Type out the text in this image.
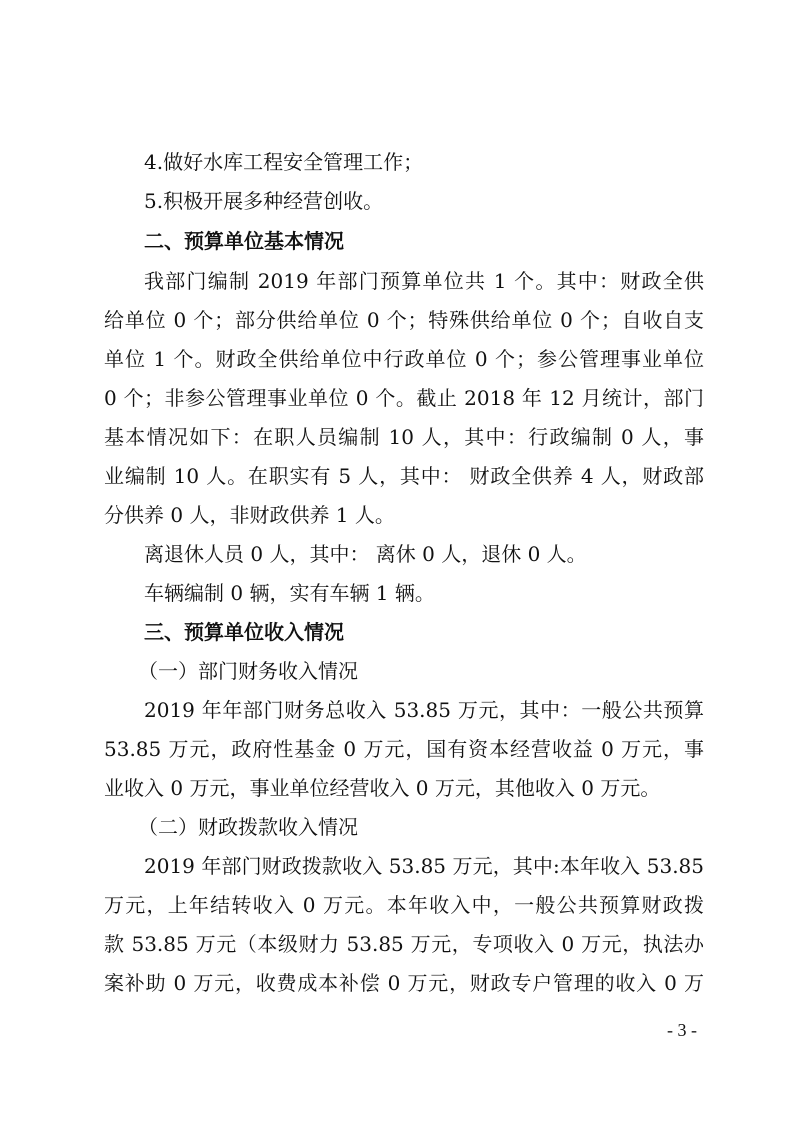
4.做好水库工程安全管理工作；
5.积极开展多种经营创收。
二、预算单位基本情况
我部门编制 2019 年部门预算单位共 1 个。其中：财政全供
给单位 0 个；部分供给单位 0 个；特殊供给单位 0 个；自收自支
单位 1 个。财政全供给单位中行政单位 0 个；参公管理事业单位
0 个；非参公管理事业单位 0 个。截止 2018 年 12 月统计，部门
基本情况如下：在职人员编制 10 人，其中：行政编制 0 人，事
业编制 10 人。在职实有 5 人，其中： 财政全供养 4 人，财政部
分供养 0 人，非财政供养 1 人。
离退休人员 0 人，其中： 离休 0 人，退休 0 人。
车辆编制 0 辆，实有车辆 1 辆。
三、预算单位收入情况
（一）部门财务收入情况
2019 年年部门财务总收入 53.85 万元，其中：一般公共预算
53.85 万元，政府性基金 0 万元，国有资本经营收益 0 万元，事
业收入 0 万元，事业单位经营收入 0 万元，其他收入 0 万元。
（二）财政拨款收入情况
2019 年部门财政拨款收入 53.85 万元，其中:本年收入 53.85
万元，上年结转收入 0 万元。本年收入中，一般公共预算财政拨
款 53.85 万元（本级财力 53.85 万元，专项收入 0 万元，执法办
案补助 0 万元，收费成本补偿 0 万元，财政专户管理的收入 0 万
- 3 -
